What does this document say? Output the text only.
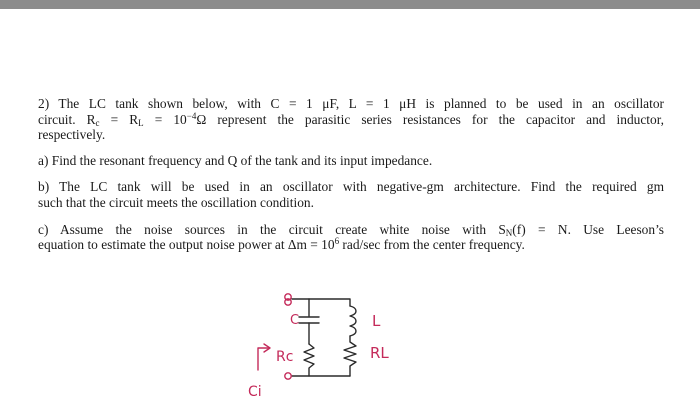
2) The LC tank shown below, with C = 1 μF, L = 1 μH is planned to be used in an oscillator
circuit. $R_c = R_L = 10^{-4}\Omega$ represent the parasitic series resistances for the capacitor and inductor,
respectively.
a) Find the resonant frequency and Q of the tank and its input impedance.
b) The LC tank will be used in an oscillator with negative-gm architecture. Find the required gm
such that the circuit meets the oscillation condition.
c) Assume the noise sources in the circuit create white noise with $S_N(f) = N$. Use Leeson’s
equation to estimate the output noise power at $\Delta m = 10^6$ rad/sec from the center frequency.
C	L
Rc	RL
Ci
